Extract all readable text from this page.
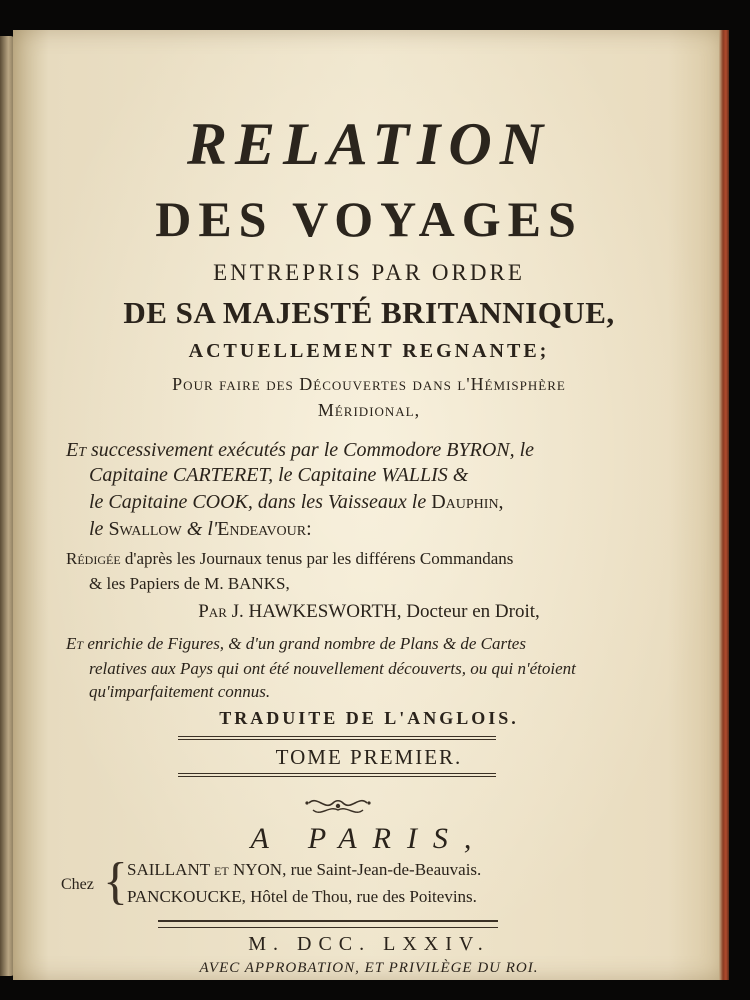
RELATION
DES VOYAGES
ENTREPRIS PAR ORDRE
DE SA MAJESTÉ BRITANNIQUE,
ACTUELLEMENT REGNANTE;
Pour faire des Découvertes dans l'Hémisphère
Méridional,
Et successivement exécutés par le Commodore BYRON, le
Capitaine CARTERET, le Capitaine WALLIS &
le Capitaine COOK, dans les Vaisseaux le Dauphin,
le Swallow & l'Endeavour:
Rédigée d'après les Journaux tenus par les différens Commandans
& les Papiers de M. BANKS,
Par J. HAWKESWORTH, Docteur en Droit,
Et enrichie de Figures, & d'un grand nombre de Plans & de Cartes
relatives aux Pays qui ont été nouvellement découverts, ou qui n'étoient
qu'imparfaitement connus.
TRADUITE DE L'ANGLOIS.
TOME PREMIER.
A PARIS,
Chez { SAILLANT et NYON, rue Saint-Jean-de-Beauvais.
PANCKOUCKE, Hôtel de Thou, rue des Poitevins.
M. DCC. LXXIV.
AVEC APPROBATION, ET PRIVILÈGE DU ROI.
